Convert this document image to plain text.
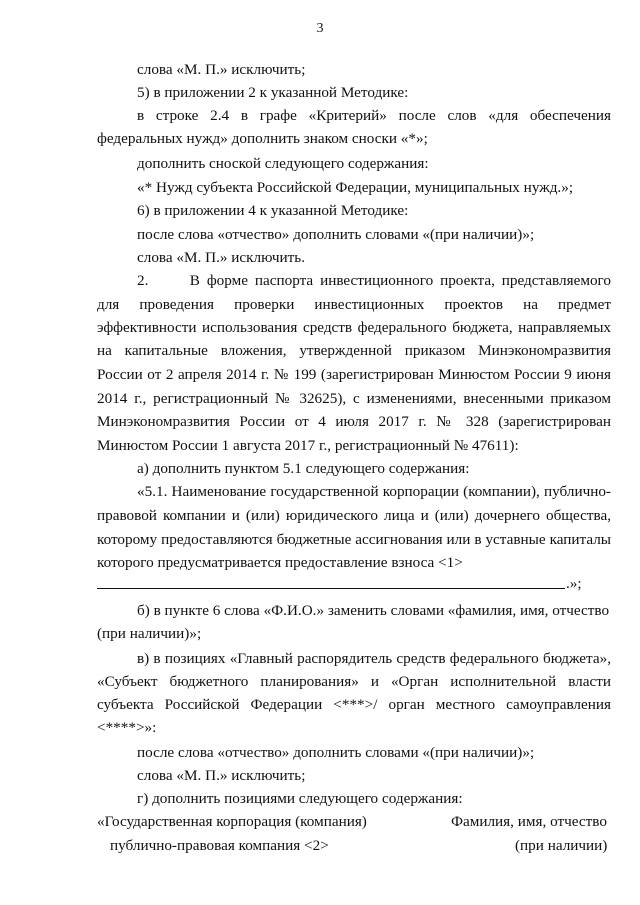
3
слова «М. П.» исключить;
5) в приложении 2 к указанной Методике:
в строке 2.4 в графе «Критерий» после слов «для обеспечения
федеральных нужд» дополнить знаком сноски «*»;
дополнить сноской следующего содержания:
«* Нужд субъекта Российской Федерации, муниципальных нужд.»;
6) в приложении 4 к указанной Методике:
после слова «отчество» дополнить словами «(при наличии)»;
слова «М. П.» исключить.
2.      В форме паспорта инвестиционного проекта, представляемого
для проведения проверки инвестиционных проектов на предмет
эффективности использования средств федерального бюджета, направляемых
на капитальные вложения, утвержденной приказом Минэкономразвития
России от 2 апреля 2014 г. № 199 (зарегистрирован Минюстом России 9 июня
2014 г., регистрационный № 32625), с изменениями, внесенными приказом
Минэкономразвития России от 4 июля 2017 г. № 328 (зарегистрирован
Минюстом России 1 августа 2017 г., регистрационный № 47611):
а) дополнить пунктом 5.1 следующего содержания:
«5.1. Наименование государственной корпорации (компании), публично-
правовой компании и (или) юридического лица и (или) дочернего общества,
которому предоставляются бюджетные ассигнования или в уставные капиталы
которого предусматривается предоставление взноса <1>
.»;
б) в пункте 6 слова «Ф.И.О.» заменить словами «фамилия, имя, отчество
(при наличии)»;
в) в позициях «Главный распорядитель средств федерального бюджета»,
«Субъект бюджетного планирования» и «Орган исполнительной власти
субъекта Российской Федерации <***>/ орган местного самоуправления
<****>»:
после слова «отчество» дополнить словами «(при наличии)»;
слова «М. П.» исключить;
г) дополнить позициями следующего содержания:
«Государственная корпорация (компания)
публично-правовая компания <2>
Фамилия, имя, отчество
(при наличии)
